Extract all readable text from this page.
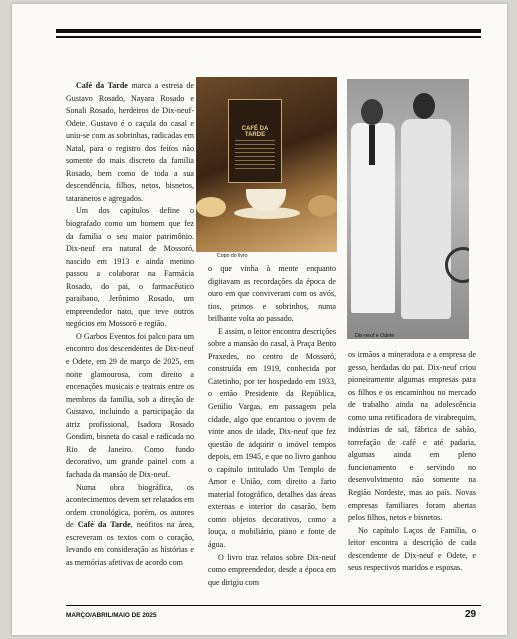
Café da Tarde marca a estreia de Gustavo Rosado, Nayara Rosado e Sonali Rosado, herdeiros de Dix-neuf-Odete. Gustavo é o caçula do casal e uniu-se com as sobrinhas, radicadas em Natal, para o registro dos feitos não somente do mais discreto da família Rosado, bem como de toda a sua descendência, filhos, netos, bisnetos, tataranetos e agregados.

Um dos capítulos define o biografado como um homem que fez da família o seu maior patrimônio. Dix-neuf era natural de Mossoró, nascido em 1913 e ainda menino passou a colaborar na Farmácia Rosado, do pai, o farmacêutico paraibano, Jerônimo Rosado, um empreendedor nato, que teve outros negócios em Mossoró e região.

O Garbos Eventos foi palco para um encontro dos descendentes de Dix-neuf e Odete, em 29 de março de 2025, em noite glamourosa, com direito a encenações musicais e teatrais entre os membros da família, sob a direção de Gustavo, incluindo a participação da atriz profissional, Isadora Rosado Gondim, bisneta do casal e radicada no Rio de Janeiro. Como fundo decorativo, um grande painel com a fachada da mansão de Dix-neuf.

Numa obra biográfica, os acontecimentos devem ser relatados em ordem cronológica, porém, os autores de Café da Tarde, neófitos na área, escreveram os textos com o coração, levando em consideração as histórias e as memórias afetivas de acordo com

CAFÉ DA TARDE
Copo do livro

o que vinha à mente enquanto digitavam as recordações da época de ouro em que conviveram com os avós, tios, primos e sobrinhos, numa brilhante volta ao passado.

E assim, o leitor encontra descrições sobre a mansão do casal, à Praça Bento Praxedes, no centro de Mossoró, construída em 1919, conhecida por Catetinho, por ter hospedado em 1933, o então Presidente da República, Getúlio Vargas, em passagem pela cidade, algo que encantou o jovem de vinte anos de idade, Dix-neuf que fez questão de adquirir o imóvel tempos depois, em 1945, e que no livro ganhou o capítulo intitulado Um Templo de Amor e União, com direito a farto material fotográfico, detalhes das áreas externas e interior do casarão, bem como objetos decorativos, como a louça, o mobiliário, piano e fonte de água.

O livro traz relatos sobre Dix-neuf como empreendedor, desde a época em que dirigiu com

Dix-neuf e Odete

os irmãos a mineradora e a empresa de gesso, herdadas do pai. Dix-neuf criou pioneiramente algumas empresas para os filhos e os encaminhou no mercado de trabalho ainda na adolescência como uma retificadora de virabrequim, indústrias de sal, fábrica de sabão, torrefação de café e até padaria, algumas ainda em pleno funcionamento e servindo no desenvolvimento não somente na Região Nordeste, mas ao país. Novas empresas familiares foram abertas pelos filhos, netos e bisnetos.

No capítulo Laços de Família, o leitor encontra a descrição de cada descendente de Dix-neuf e Odete, e seus respectivos maridos e esposas.

MARÇO/ABRIL/MAIO DE 2025	29
